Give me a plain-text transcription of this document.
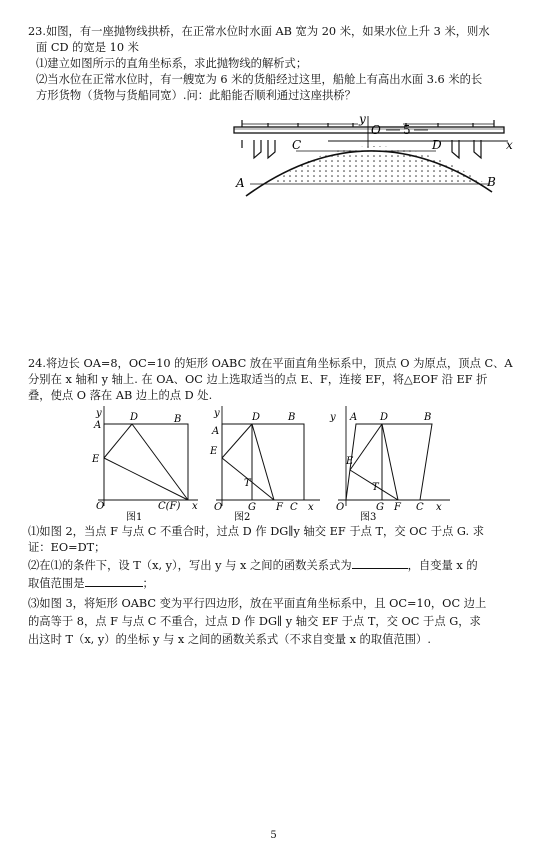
23.如图，有一座抛物线拱桥，在正常水位时水面 AB 宽为 20 米，如果水位上升 3 米，则水
面 CD 的宽是 10 米
⑴建立如图所示的直角坐标系，求此抛物线的解析式；
⑵当水位在正常水位时，有一艘宽为 6 米的货船经过这里，船舱上有高出水面 3.6 米的长
方形货物（货物与货船同宽）.问：此船能否顺利通过这座拱桥？
y
O 5
x
C	D
A	B
24.将边长 OA=8，OC=10 的矩形 OABC 放在平面直角坐标系中，顶点 O 为原点，顶点 C、A
分别在 x 轴和 y 轴上. 在 OA、OC 边上选取适当的点 E、F，连接 EF，将△EOF 沿 EF 折
叠，使点 O 落在 AB 边上的点 D 处.
y
A
D	B
E
O	C(F) x
图1
y
A
D	B
E
T
O	G F C x
图2
y A D	B
E
T
O	G F C x
图3
⑴如图 2，当点 F 与点 C 不重合时，过点 D 作 DG∥y 轴交 EF 于点 T，交 OC 于点 G. 求
证：EO=DT；
⑵在⑴的条件下，设 T（x, y），写出 y 与 x 之间的函数关系式为	，自变量 x 的
取值范围是	；
⑶如图 3，将矩形 OABC 变为平行四边形，放在平面直角坐标系中，且 OC=10，OC 边上
的高等于 8，点 F 与点 C 不重合，过点 D 作 DG∥ y 轴交 EF 于点 T，交 OC 于点 G，求
出这时 T（x, y）的坐标 y 与 x 之间的函数关系式（不求自变量 x 的取值范围）.
5
